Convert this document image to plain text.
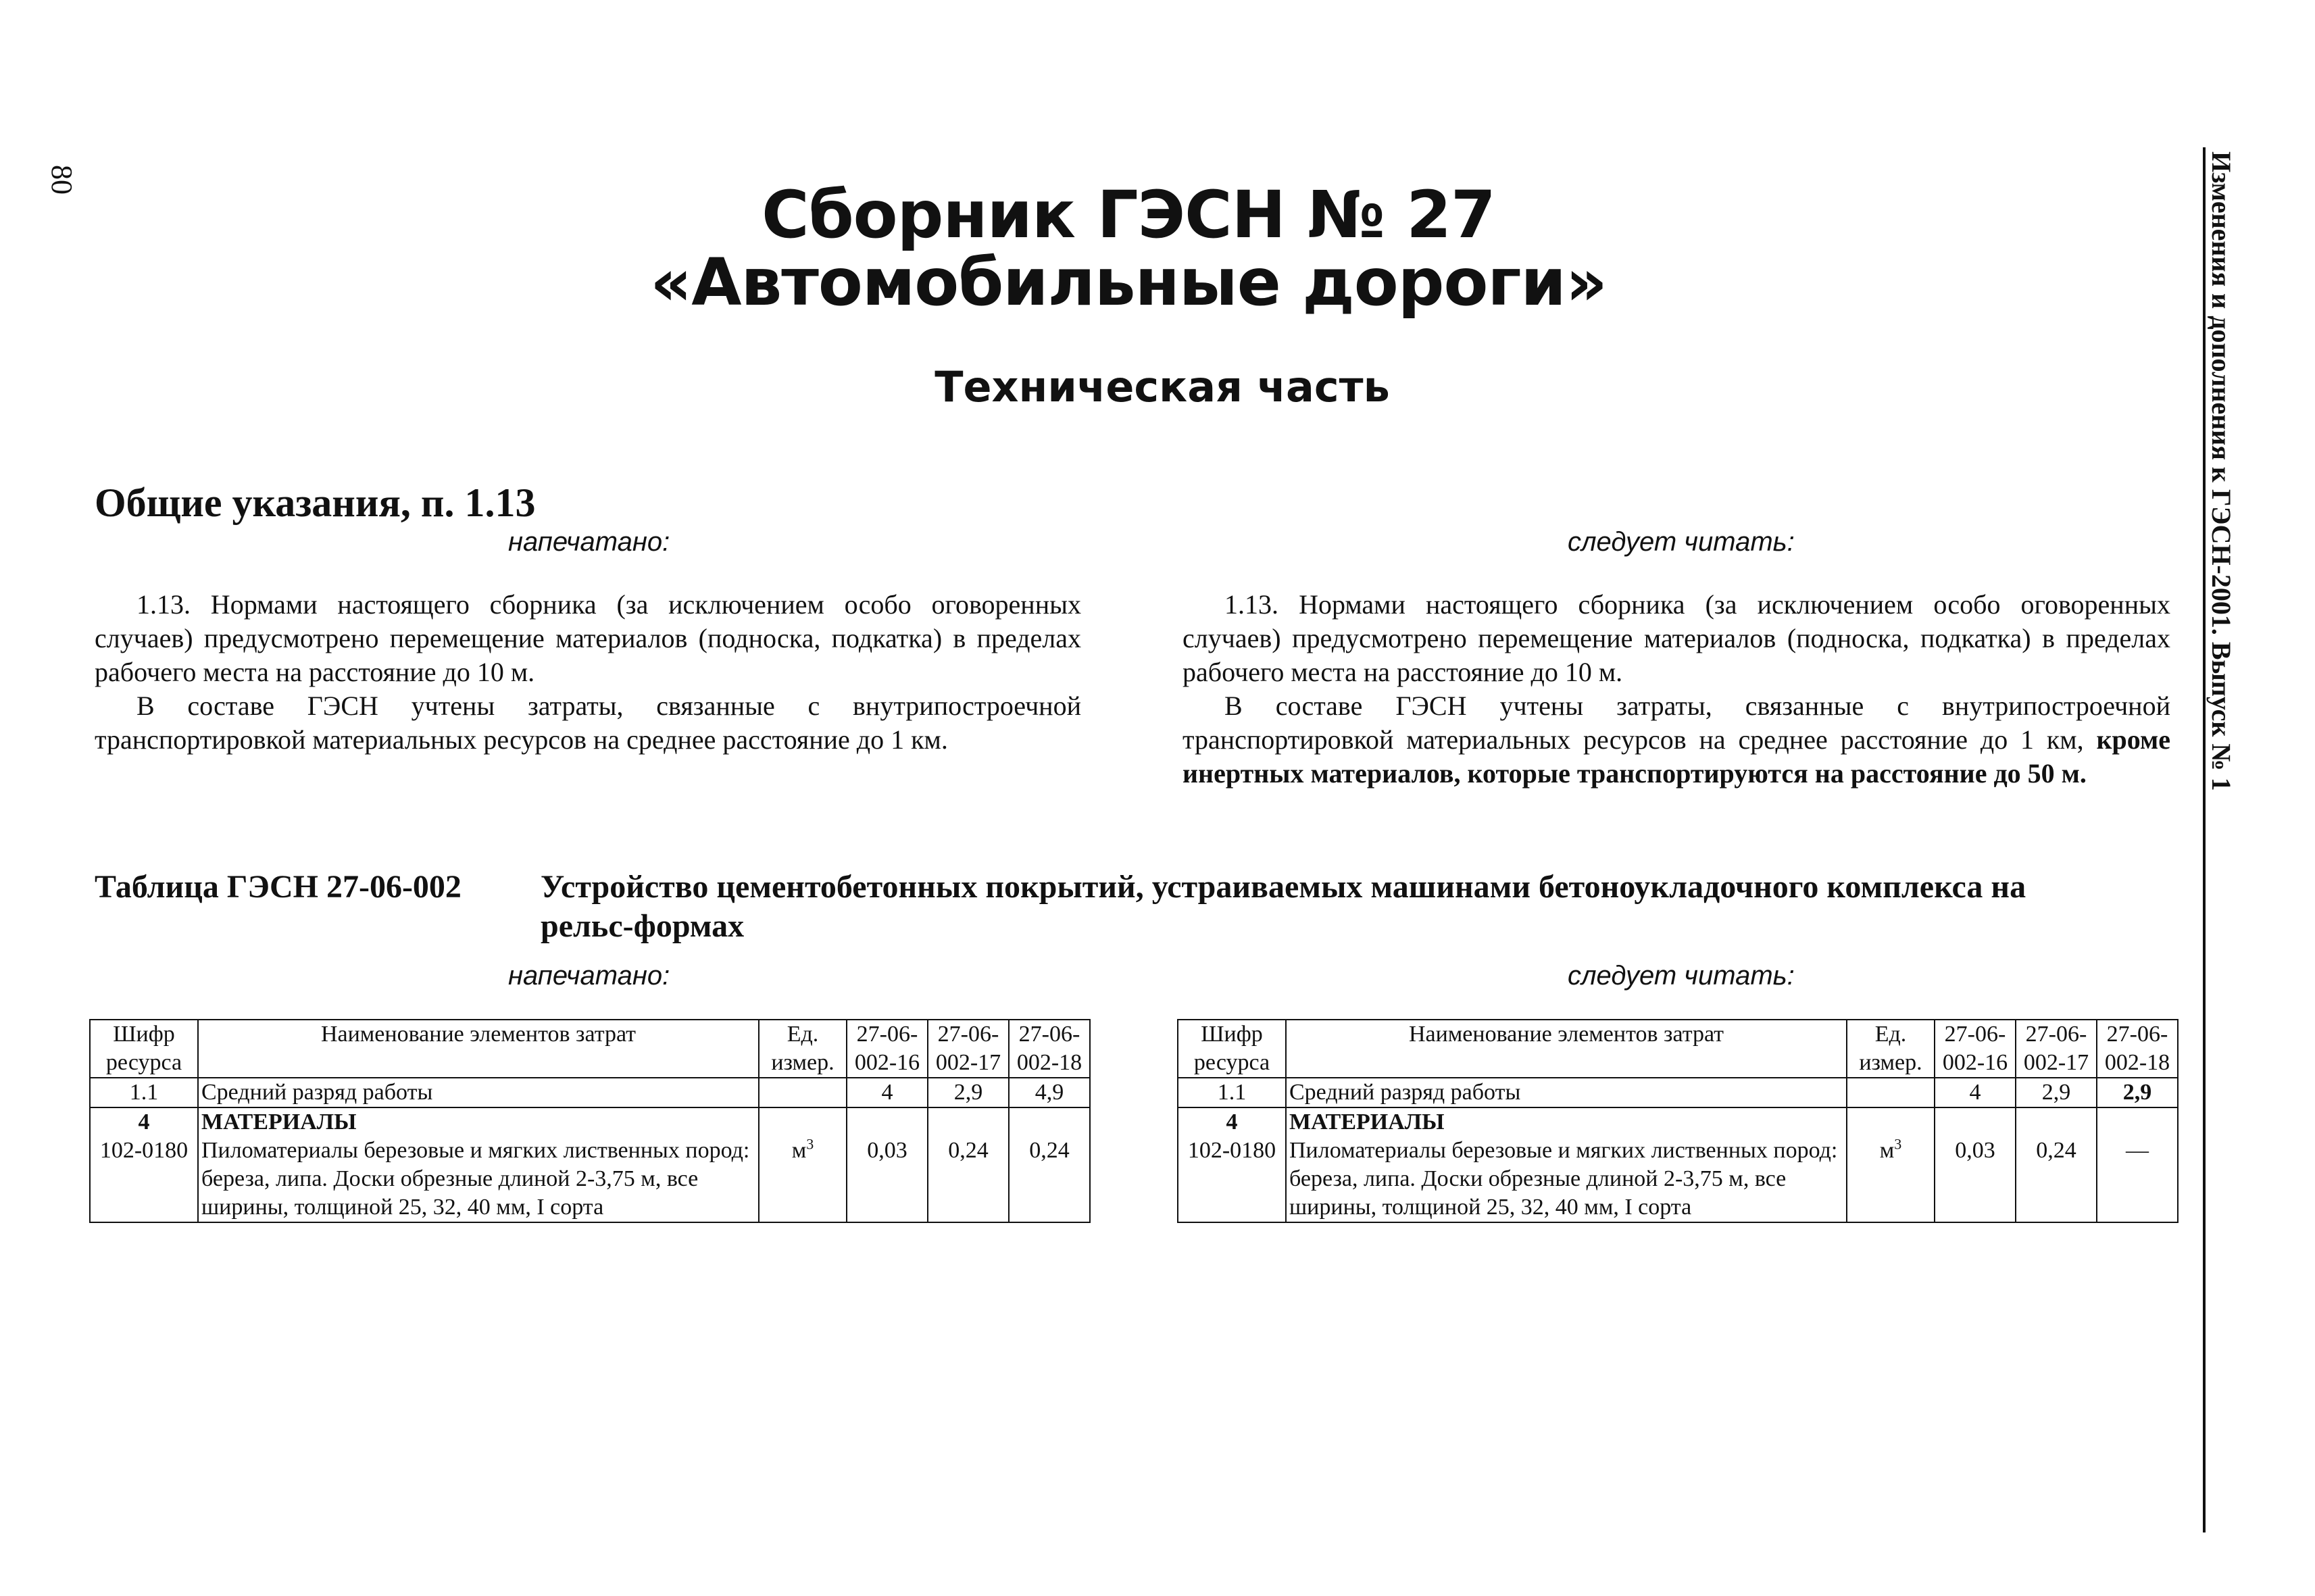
80	Изменения и дополнения к ГЭСН-2001. Выпуск № 1
Сборник ГЭСН № 27
«Автомобильные дороги»
Техническая часть
Общие указания, п. 1.13
напечатано:	следует читать:

1.13. Нормами настоящего сборника (за исключением особо оговоренных случаев) предусмотрено перемещение материалов (подноска, подкатка) в пределах рабочего места на расстояние до 10 м.

В составе ГЭСН учтены затраты, связанные с внутрипостроечной транспортировкой материальных ресурсов на среднее расстояние до 1 км.

1.13. Нормами настоящего сборника (за исключением особо оговоренных случаев) предусмотрено перемещение материалов (подноска, подкатка) в пределах рабочего места на расстояние до 10 м.

В составе ГЭСН учтены затраты, связанные с внутрипостроечной транспортировкой материальных ресурсов на среднее расстояние до 1 км, кроме инертных материалов, которые транспортируются на расстояние до 50 м.

Таблица ГЭСН 27-06-002 Устройство цементобетонных покрытий, устраиваемых машинами бетоноукладочного комплекса на рельс-формах
напечатано:	следует читать:
Шифр ресурса	Наименование элементов затрат	Ед. измер.	27-06-002-16	27-06-002-17	27-06-002-18
1.1	Средний разряд работы		4	2,9	4,9
4	МАТЕРИАЛЫ				
102-0180	Пиломатериалы березовые и мягких лиственных пород: береза, липа. Доски обрезные длиной 2-3,75 м, все ширины, толщиной 25, 32, 40 мм, I сорта	$м^3$	0,03	0,24	0,24
Шифр ресурса	Наименование элементов затрат	Ед. измер.	27-06-002-16	27-06-002-17	27-06-002-18
1.1	Средний разряд работы		4	2,9	2,9
4	МАТЕРИАЛЫ				
102-0180	Пиломатериалы березовые и мягких лиственных пород: береза, липа. Доски обрезные длиной 2-3,75 м, все ширины, толщиной 25, 32, 40 мм, I сорта	$м^3$	0,03	0,24	—
